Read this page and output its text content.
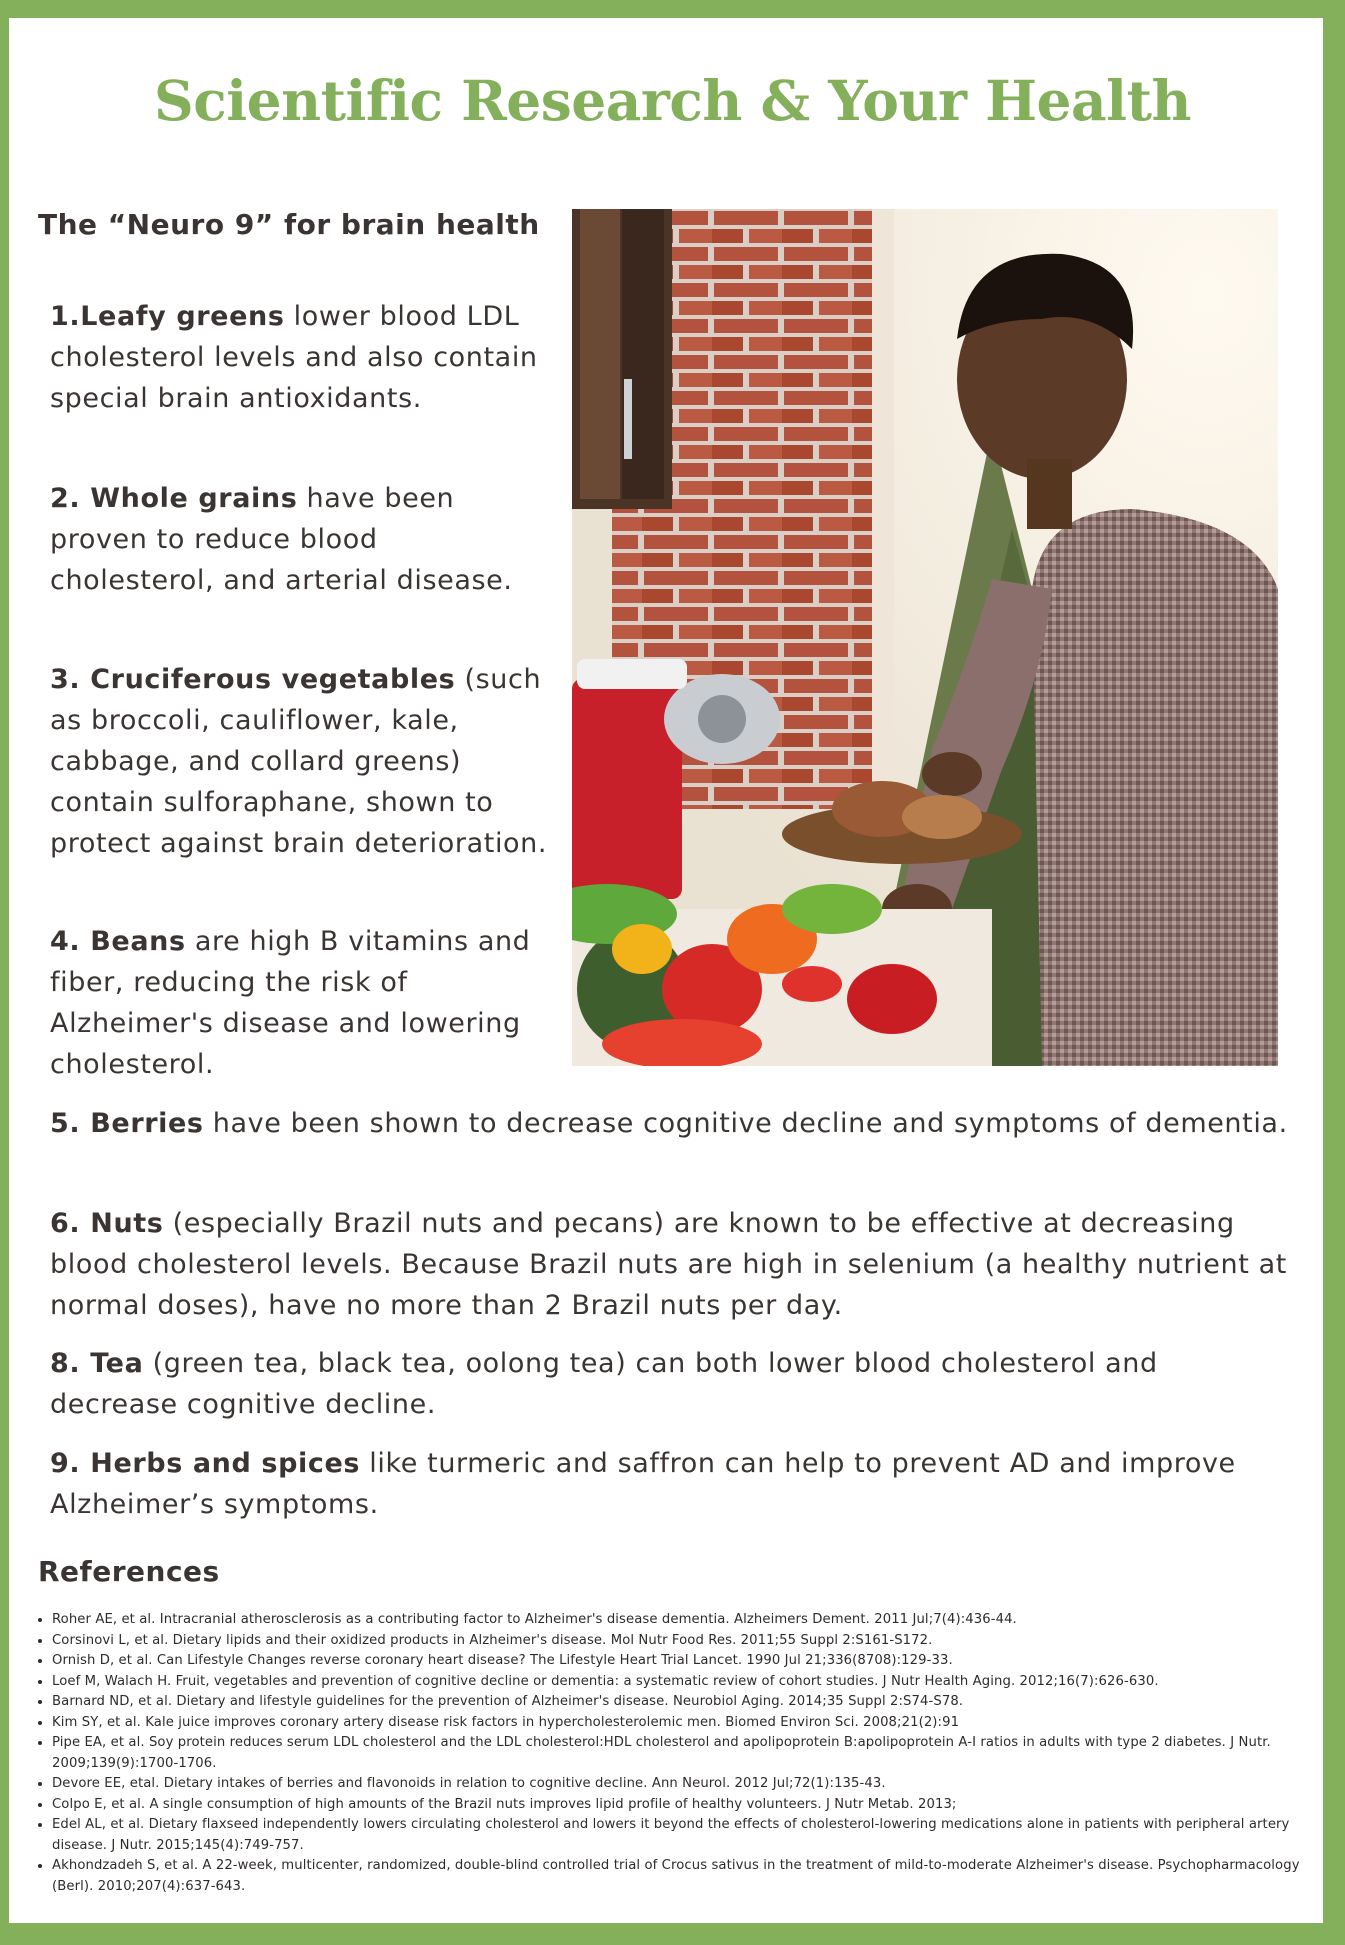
Scientific Research & Your Health
The “Neuro 9” for brain health

1.Leafy greens lower blood LDL cholesterol levels and also contain special brain antioxidants.

2. Whole grains have been proven to reduce blood cholesterol, and arterial disease.

3. Cruciferous vegetables (such as broccoli, cauliflower, kale, cabbage, and collard greens) contain sulforaphane, shown to protect against brain deterioration.

4. Beans are high B vitamins and fiber, reducing the risk of Alzheimer's disease and lowering cholesterol.

5. Berries have been shown to decrease cognitive decline and symptoms of dementia.

6. Nuts (especially Brazil nuts and pecans) are known to be effective at decreasing blood cholesterol levels. Because Brazil nuts are high in selenium (a healthy nutrient at normal doses), have no more than 2 Brazil nuts per day.

8. Tea (green tea, black tea, oolong tea) can both lower blood cholesterol and decrease cognitive decline.

9. Herbs and spices like turmeric and saffron can help to prevent AD and improve Alzheimer’s symptoms.

References
• Roher AE, et al. Intracranial atherosclerosis as a contributing factor to Alzheimer's disease dementia. Alzheimers Dement. 2011 Jul;7(4):436-44.
• Corsinovi L, et al. Dietary lipids and their oxidized products in Alzheimer's disease. Mol Nutr Food Res. 2011;55 Suppl 2:S161-S172.
• Ornish D, et al. Can Lifestyle Changes reverse coronary heart disease? The Lifestyle Heart Trial Lancet. 1990 Jul 21;336(8708):129-33.
• Loef M, Walach H. Fruit, vegetables and prevention of cognitive decline or dementia: a systematic review of cohort studies. J Nutr Health Aging. 2012;16(7):626-630.
• Barnard ND, et al. Dietary and lifestyle guidelines for the prevention of Alzheimer's disease. Neurobiol Aging. 2014;35 Suppl 2:S74-S78.
• Kim SY, et al. Kale juice improves coronary artery disease risk factors in hypercholesterolemic men. Biomed Environ Sci. 2008;21(2):91
• Pipe EA, et al. Soy protein reduces serum LDL cholesterol and the LDL cholesterol:HDL cholesterol and apolipoprotein B:apolipoprotein A-I ratios in adults with type 2 diabetes. J Nutr. 2009;139(9):1700-1706.
• Devore EE, etal. Dietary intakes of berries and flavonoids in relation to cognitive decline. Ann Neurol. 2012 Jul;72(1):135-43.
• Colpo E, et al. A single consumption of high amounts of the Brazil nuts improves lipid profile of healthy volunteers. J Nutr Metab. 2013;
• Edel AL, et al. Dietary flaxseed independently lowers circulating cholesterol and lowers it beyond the effects of cholesterol-lowering medications alone in patients with peripheral artery disease. J Nutr. 2015;145(4):749-757.
• Akhondzadeh S, et al. A 22-week, multicenter, randomized, double-blind controlled trial of Crocus sativus in the treatment of mild-to-moderate Alzheimer's disease. Psychopharmacology (Berl). 2010;207(4):637-643.
